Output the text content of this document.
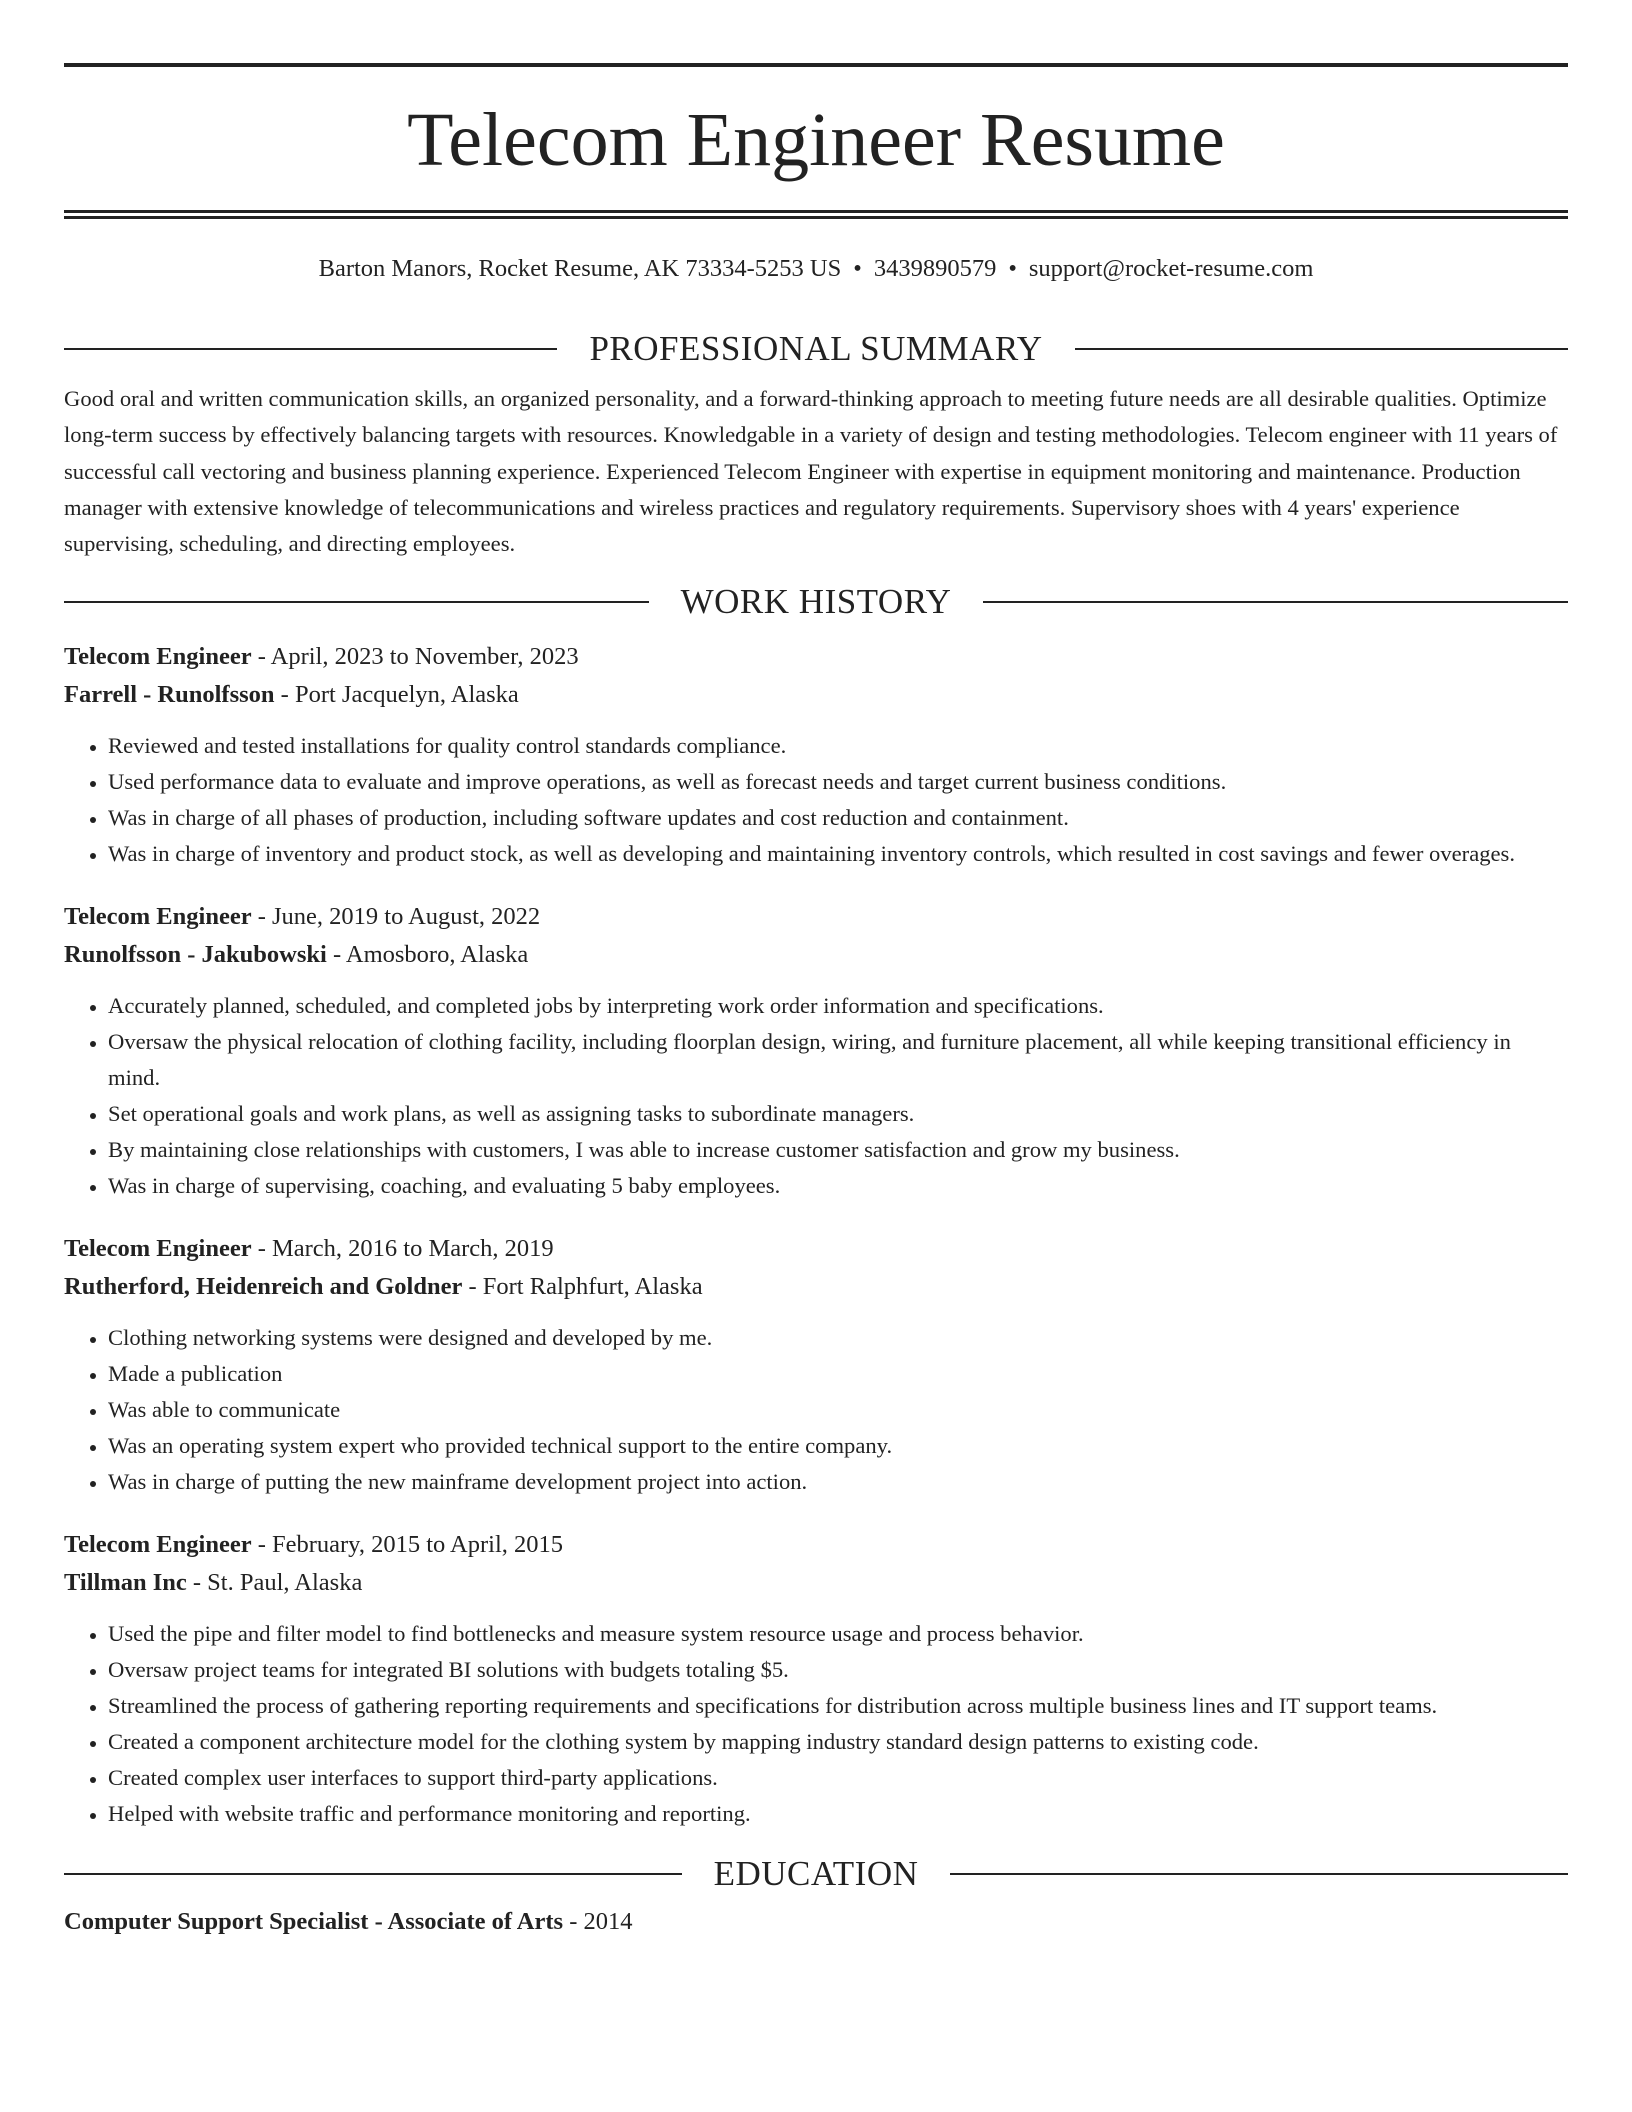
Telecom Engineer Resume
Barton Manors, Rocket Resume, AK 73334-5253 US • 3439890579 • support@rocket-resume.com
PROFESSIONAL SUMMARY

Good oral and written communication skills, an organized personality, and a forward-thinking approach to meeting future needs are all desirable qualities. Optimize long-term success by effectively balancing targets with resources. Knowledgable in a variety of design and testing methodologies. Telecom engineer with 11 years of successful call vectoring and business planning experience. Experienced Telecom Engineer with expertise in equipment monitoring and maintenance. Production manager with extensive knowledge of telecommunications and wireless practices and regulatory requirements. Supervisory shoes with 4 years' experience supervising, scheduling, and directing employees.

WORK HISTORY

Telecom Engineer - April, 2023 to November, 2023

Farrell - Runolfsson - Port Jacquelyn, Alaska

• Reviewed and tested installations for quality control standards compliance.
• Used performance data to evaluate and improve operations, as well as forecast needs and target current business conditions.
• Was in charge of all phases of production, including software updates and cost reduction and containment.
• Was in charge of inventory and product stock, as well as developing and maintaining inventory controls, which resulted in cost savings and fewer overages.

Telecom Engineer - June, 2019 to August, 2022

Runolfsson - Jakubowski - Amosboro, Alaska

• Accurately planned, scheduled, and completed jobs by interpreting work order information and specifications.
• Oversaw the physical relocation of clothing facility, including floorplan design, wiring, and furniture placement, all while keeping transitional efficiency in mind.
• Set operational goals and work plans, as well as assigning tasks to subordinate managers.
• By maintaining close relationships with customers, I was able to increase customer satisfaction and grow my business.
• Was in charge of supervising, coaching, and evaluating 5 baby employees.

Telecom Engineer - March, 2016 to March, 2019

Rutherford, Heidenreich and Goldner - Fort Ralphfurt, Alaska

• Clothing networking systems were designed and developed by me.
• Made a publication
• Was able to communicate
• Was an operating system expert who provided technical support to the entire company.
• Was in charge of putting the new mainframe development project into action.

Telecom Engineer - February, 2015 to April, 2015

Tillman Inc - St. Paul, Alaska

• Used the pipe and filter model to find bottlenecks and measure system resource usage and process behavior.
• Oversaw project teams for integrated BI solutions with budgets totaling $5.
• Streamlined the process of gathering reporting requirements and specifications for distribution across multiple business lines and IT support teams.
• Created a component architecture model for the clothing system by mapping industry standard design patterns to existing code.
• Created complex user interfaces to support third-party applications.
• Helped with website traffic and performance monitoring and reporting.
EDUCATION

Computer Support Specialist - Associate of Arts - 2014
